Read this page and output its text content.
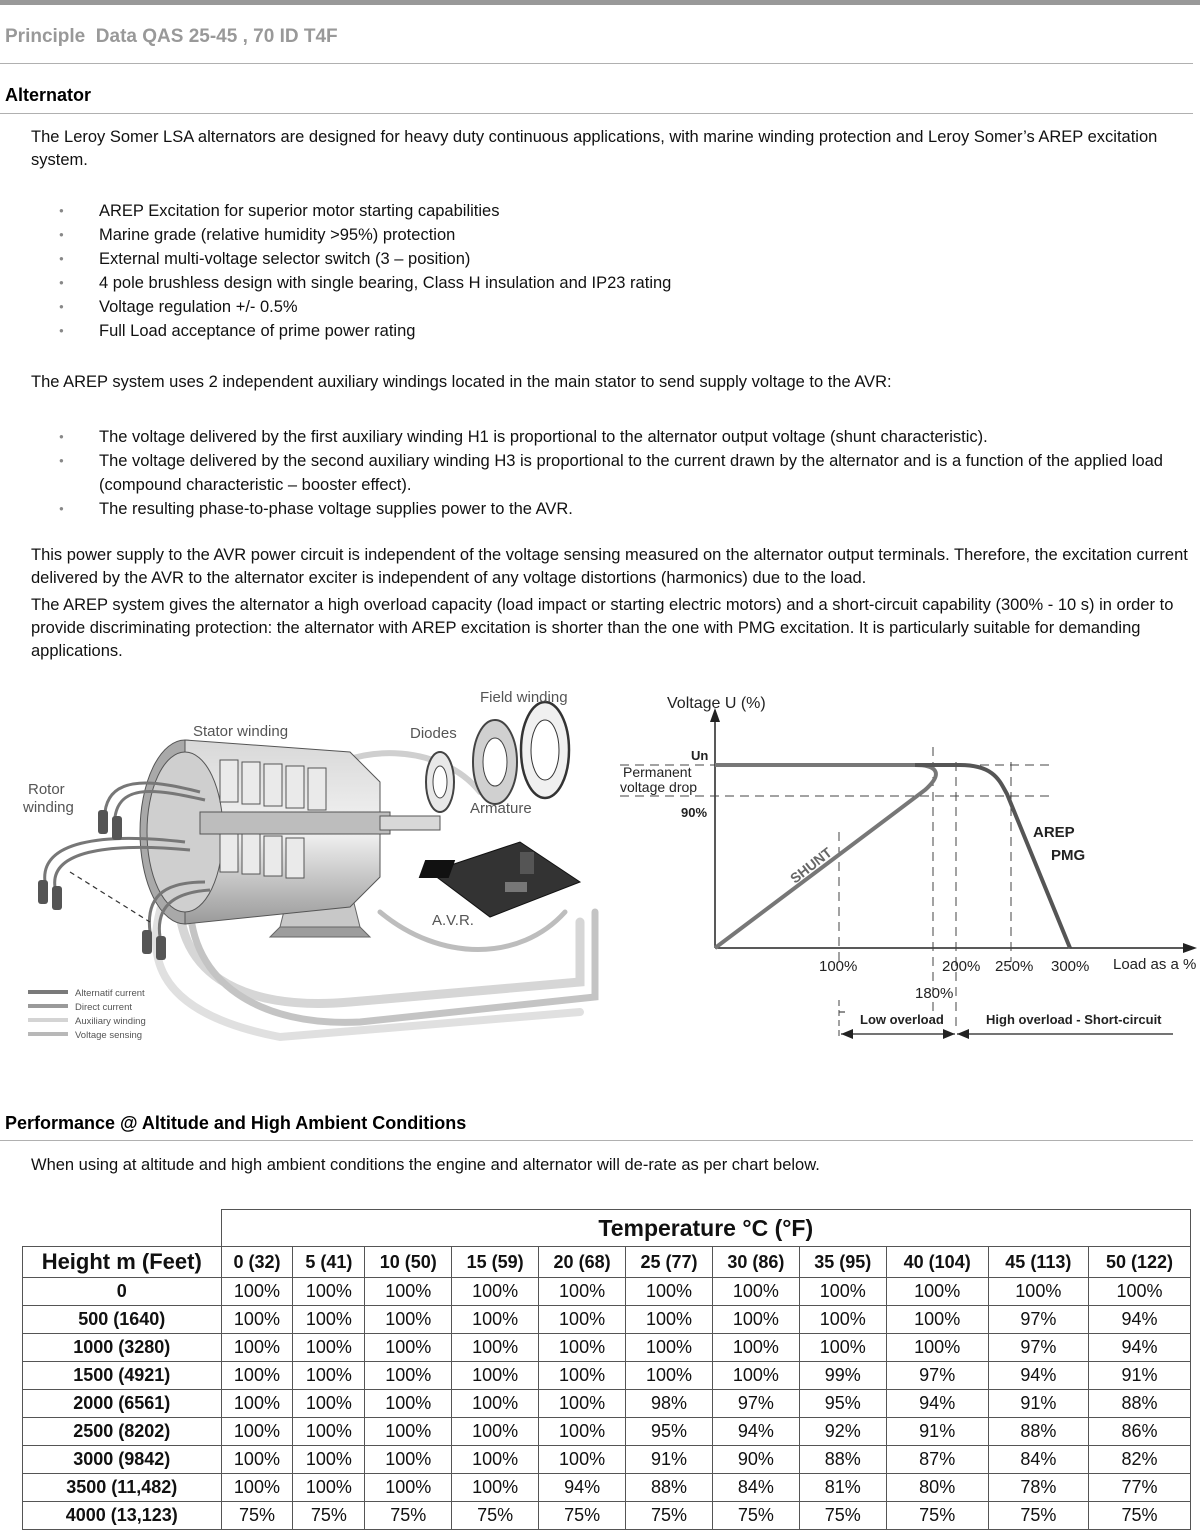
Principle  Data QAS 25-45 , 70 ID T4F
Alternator

The Leroy Somer LSA alternators are designed for heavy duty continuous applications, with marine winding protection and Leroy Somer’s AREP excitation system.

● AREP Excitation for superior motor starting capabilities
● Marine grade (relative humidity >95%) protection
● External multi-voltage selector switch (3 – position)
● 4 pole brushless design with single bearing, Class H insulation and IP23 rating
● Voltage regulation +/- 0.5%
● Full Load acceptance of prime power rating

The AREP system uses 2 independent auxiliary windings located in the main stator to send supply voltage to the AVR:

● The voltage delivered by the first auxiliary winding H1 is proportional to the alternator output voltage (shunt characteristic).
● The voltage delivered by the second auxiliary winding H3 is proportional to the current drawn by the alternator and is a function of the applied load (compound characteristic – booster effect).
● The resulting phase-to-phase voltage supplies power to the AVR.

This power supply to the AVR power circuit is independent of the voltage sensing measured on the alternator output terminals. Therefore, the excitation current delivered by the AVR to the alternator exciter is independent of any voltage distortions (harmonics) due to the load.

The AREP system gives the alternator a high overload capacity (load impact or starting electric motors) and a short-circuit capability (300% - 10 s) in order to provide discriminating protection: the alternator with AREP excitation is shorter than the one with PMG excitation. It is particularly suitable for demanding applications.

Field winding
Stator winding	Diodes
Rotor
winding	Armature
A.V.R.
Alternatif current
Direct current
Auxiliary winding
Voltage sensing
Voltage U (%)
Un
Permanent
voltage drop
90%
SHUNT
AREP
PMG
100%
180%
200% 250% 300% Load as a %
Low overload	High overload - Short-circuit
Performance @ Altitude and High Ambient Conditions

When using at altitude and high ambient conditions the engine and alternator will de-rate as per chart below.

	Temperature °C (°F)										
Height m (Feet)	0 (32)	5 (41)	10 (50)	15 (59)	20 (68)	25 (77)	30 (86)	35 (95)	40 (104)	45 (113)	50 (122)
0	100%	100%	100%	100%	100%	100%	100%	100%	100%	100%	100%
500 (1640)	100%	100%	100%	100%	100%	100%	100%	100%	100%	97%	94%
1000 (3280)	100%	100%	100%	100%	100%	100%	100%	100%	100%	97%	94%
1500 (4921)	100%	100%	100%	100%	100%	100%	100%	99%	97%	94%	91%
2000 (6561)	100%	100%	100%	100%	100%	98%	97%	95%	94%	91%	88%
2500 (8202)	100%	100%	100%	100%	100%	95%	94%	92%	91%	88%	86%
3000 (9842)	100%	100%	100%	100%	100%	91%	90%	88%	87%	84%	82%
3500 (11,482)	100%	100%	100%	100%	94%	88%	84%	81%	80%	78%	77%
4000 (13,123)	75%	75%	75%	75%	75%	75%	75%	75%	75%	75%	75%
